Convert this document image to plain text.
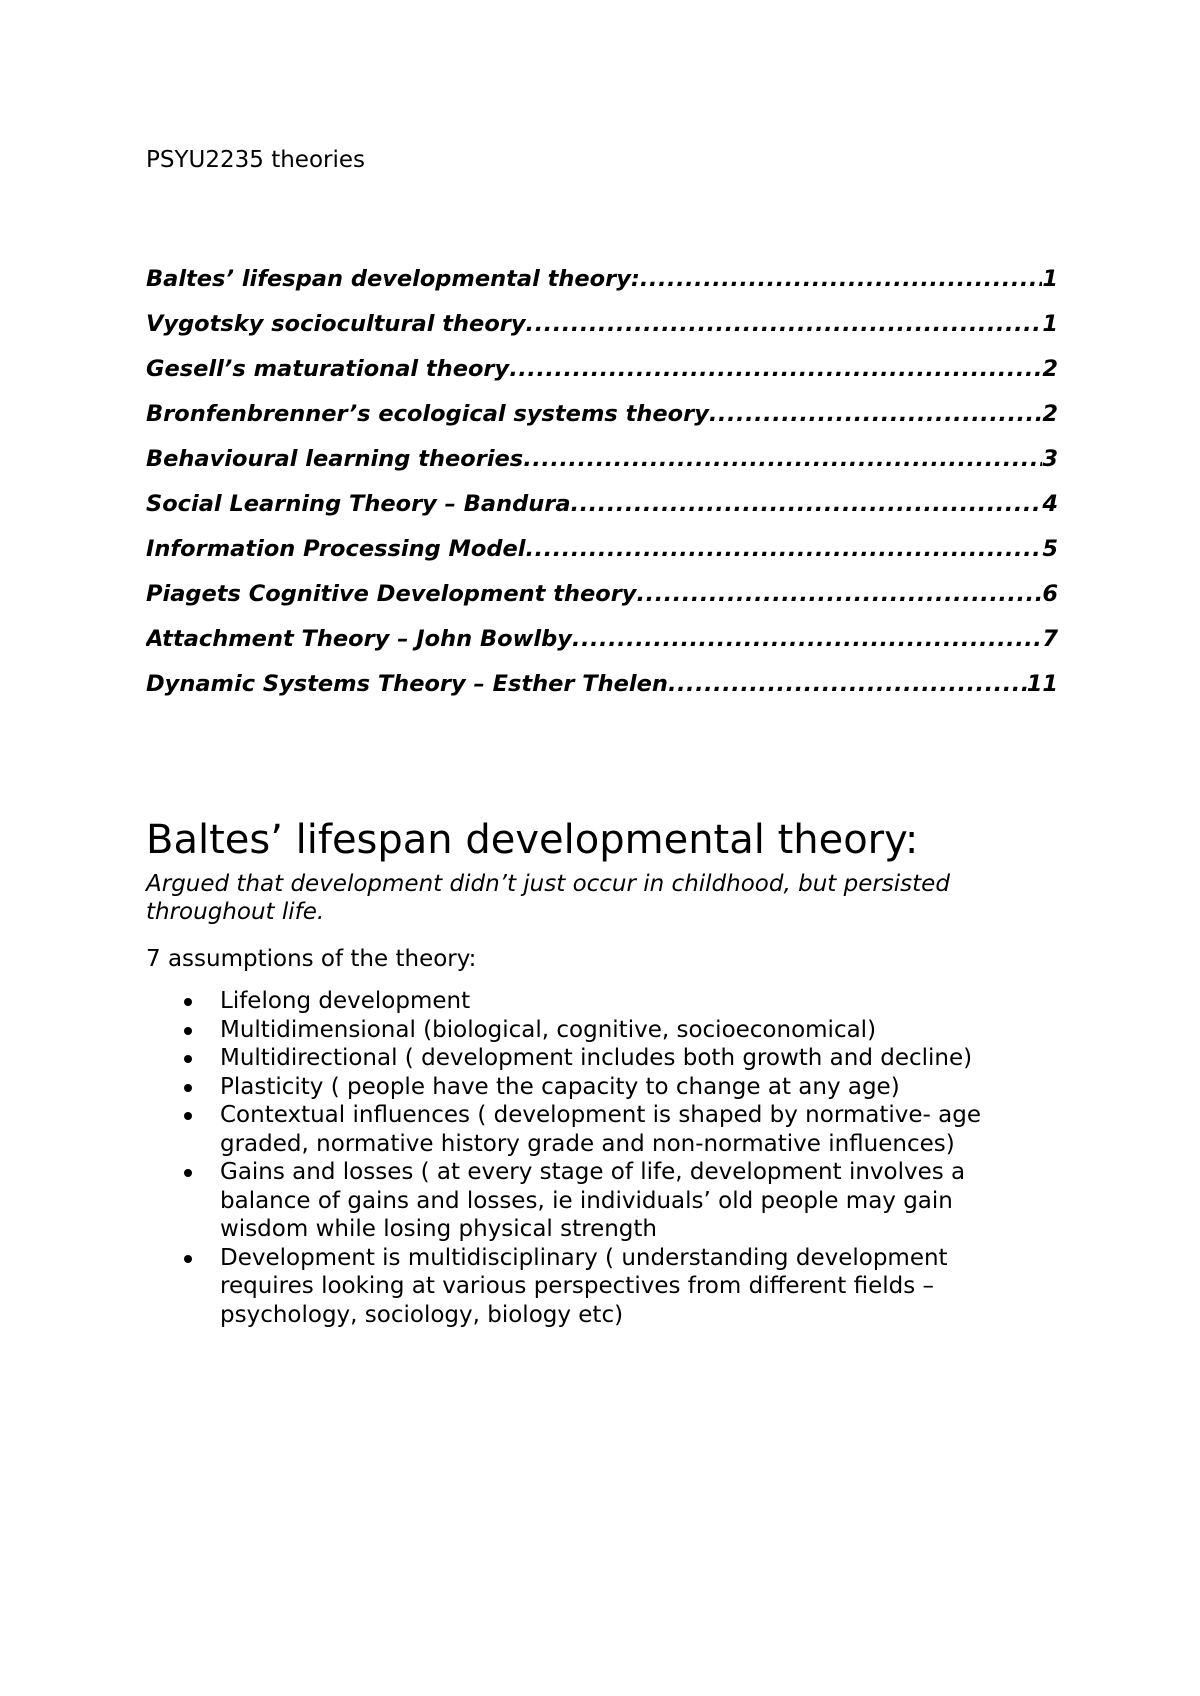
PSYU2235 theories
Baltes’ lifespan developmental theory: .....	1
Vygotsky sociocultural theory .....	1
Gesell’s maturational theory .....	2
Bronfenbrenner’s ecological systems theory .....	2
Behavioural learning theories .....	3
Social Learning Theory – Bandura .....	4
Information Processing Model .....	5
Piagets Cognitive Development theory .....	6
Attachment Theory – John Bowlby .....	7
Dynamic Systems Theory – Esther Thelen .....	11
Baltes’ lifespan developmental theory:

Argued that development didn’t just occur in childhood, but persisted throughout life.

7 assumptions of the theory:

Lifelong development
Multidimensional (biological, cognitive, socioeconomical)
Multidirectional ( development includes both growth and decline)
Plasticity ( people have the capacity to change at any age)
Contextual influences ( development is shaped by normative- age graded, normative history grade and non-normative influences)
Gains and losses ( at every stage of life, development involves a balance of gains and losses, ie individuals’ old people may gain wisdom while losing physical strength
Development is multidisciplinary ( understanding development requires looking at various perspectives from different fields – psychology, sociology, biology etc)
